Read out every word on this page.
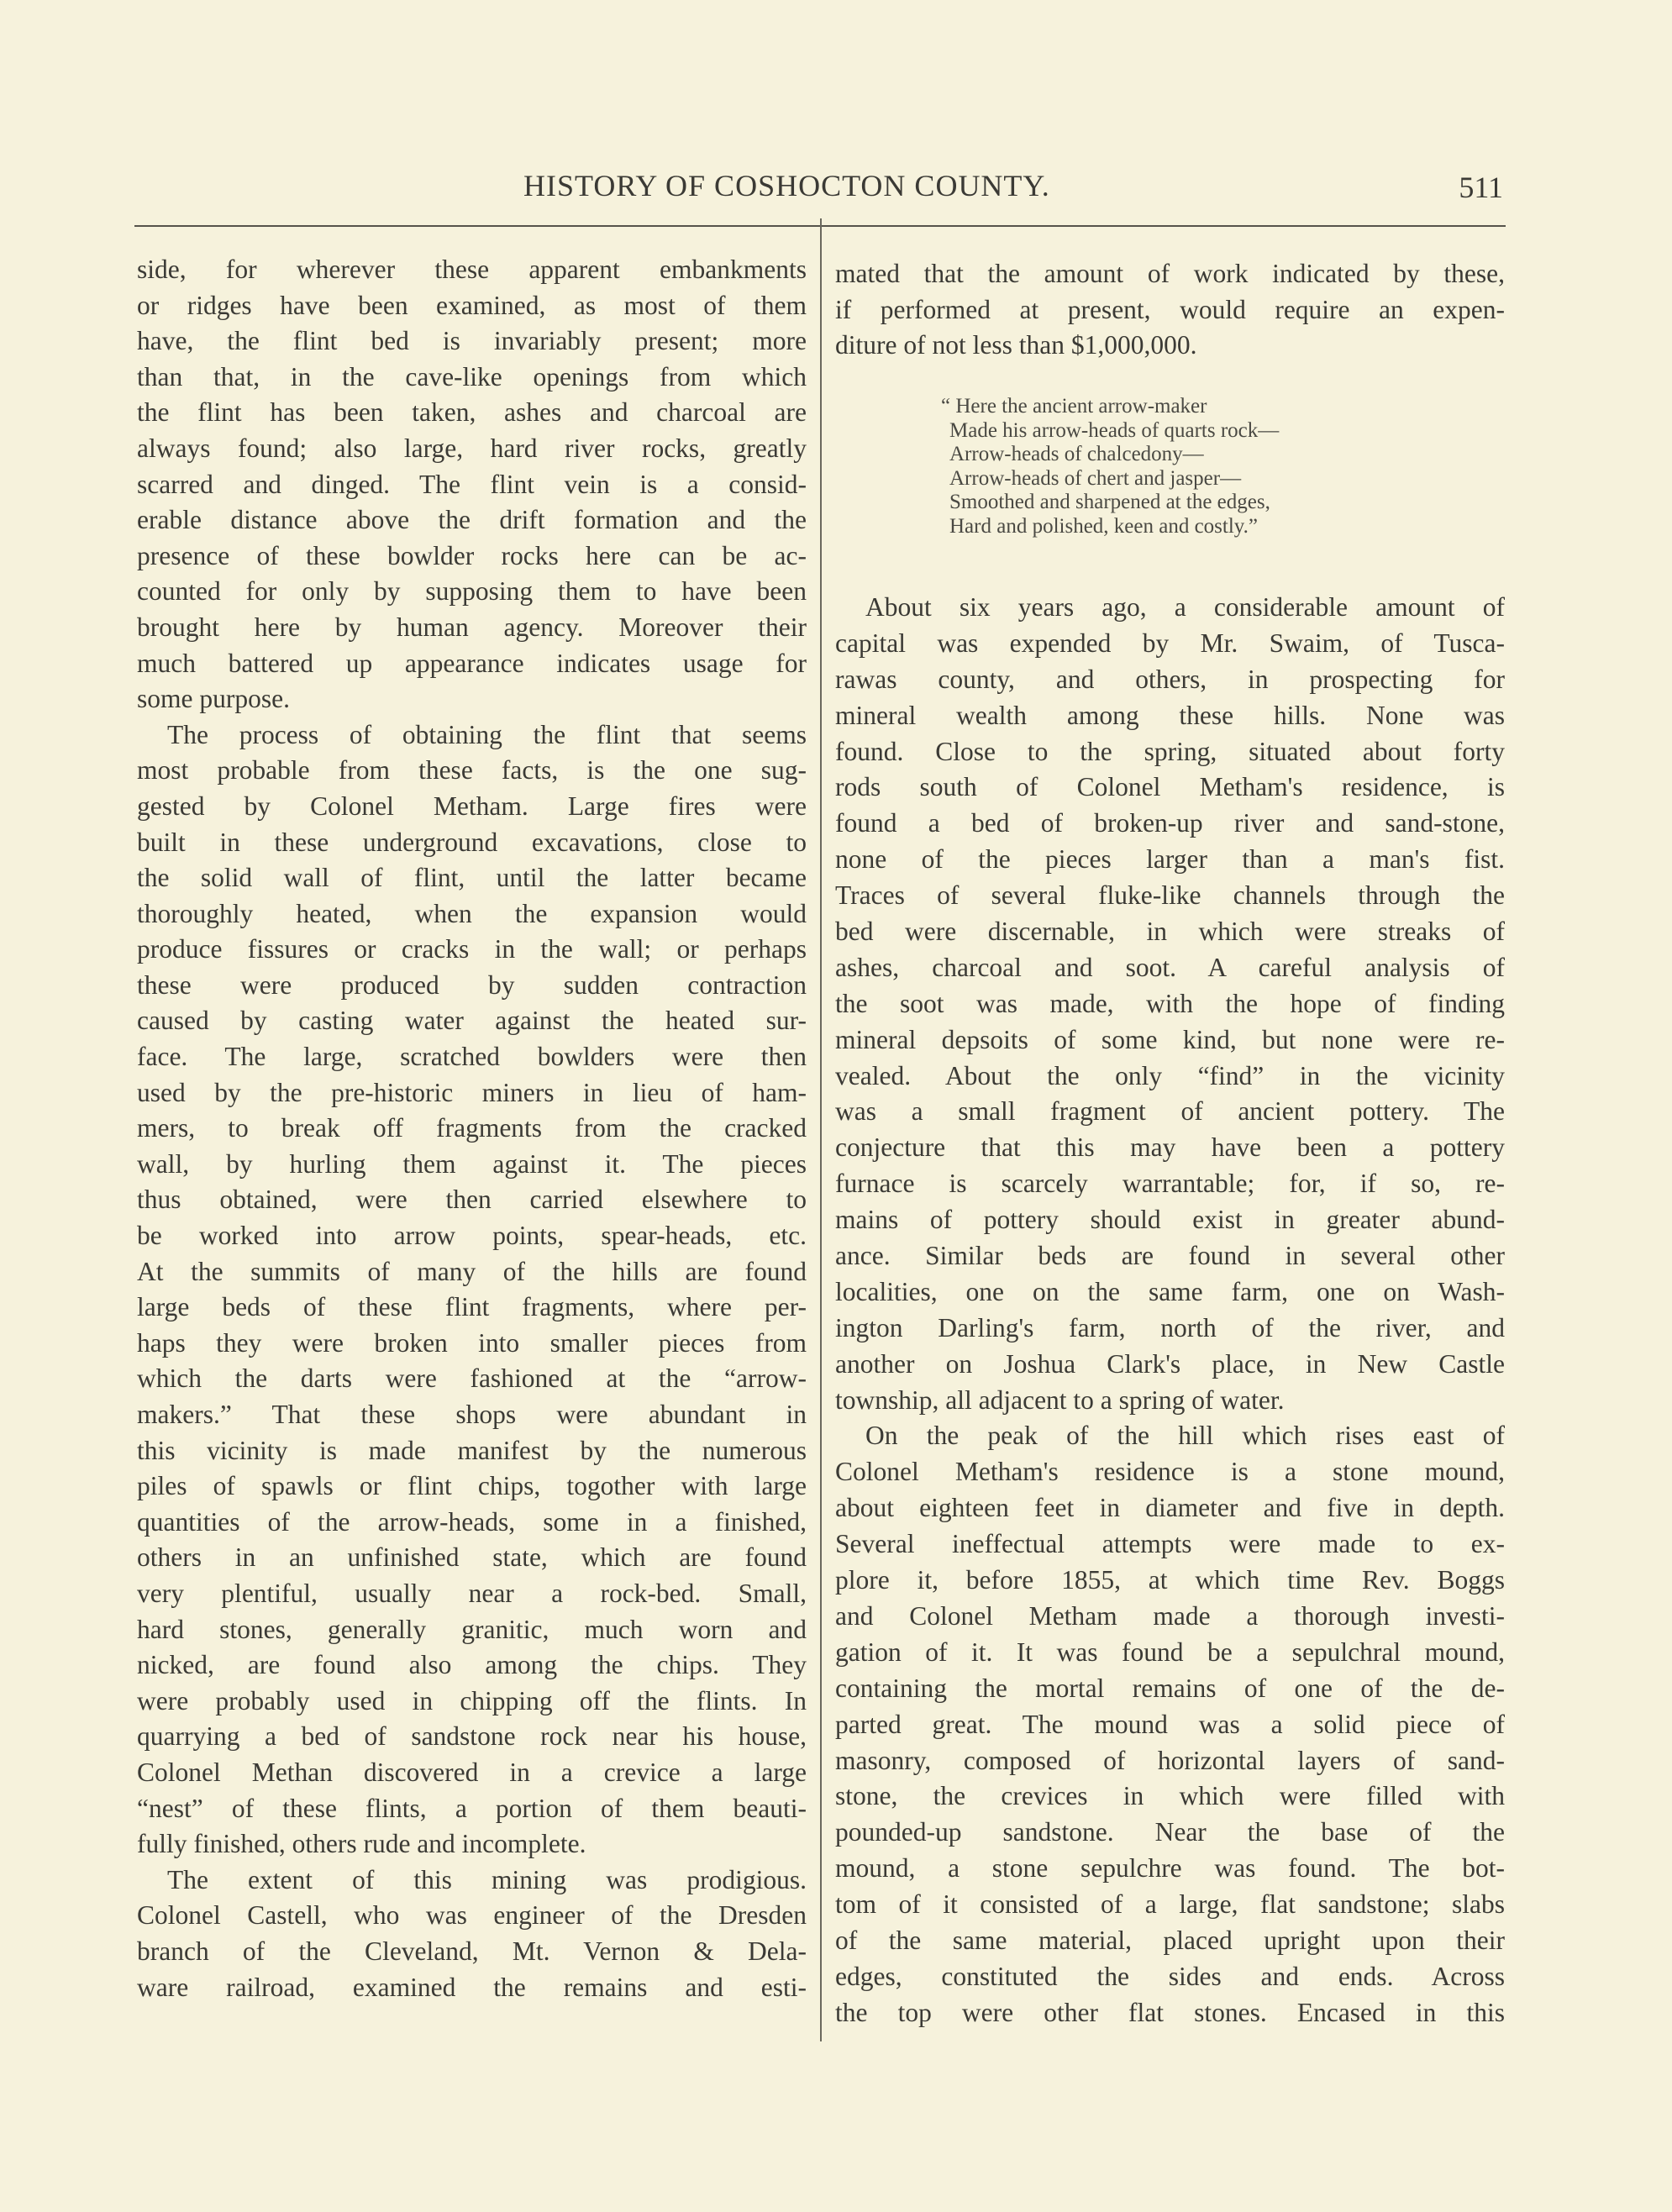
HISTORY OF COSHOCTON COUNTY.	511
side, for wherever these apparent embankments
or ridges have been examined, as most of them
have, the flint bed is invariably present; more
than that, in the cave-like openings from which
the flint has been taken, ashes and charcoal are
always found; also large, hard river rocks, greatly
scarred and dinged. The flint vein is a consid-
erable distance above the drift formation and the
presence of these bowlder rocks here can be ac-
counted for only by supposing them to have been
brought here by human agency. Moreover their
much battered up appearance indicates usage for
some purpose.
The process of obtaining the flint that seems
most probable from these facts, is the one sug-
gested by Colonel Metham. Large fires were
built in these underground excavations, close to
the solid wall of flint, until the latter became
thoroughly heated, when the expansion would
produce fissures or cracks in the wall; or perhaps
these were produced by sudden contraction
caused by casting water against the heated sur-
face. The large, scratched bowlders were then
used by the pre-historic miners in lieu of ham-
mers, to break off fragments from the cracked
wall, by hurling them against it. The pieces
thus obtained, were then carried elsewhere to
be worked into arrow points, spear-heads, etc.
At the summits of many of the hills are found
large beds of these flint fragments, where per-
haps they were broken into smaller pieces from
which the darts were fashioned at the “arrow-
makers.” That these shops were abundant in
this vicinity is made manifest by the numerous
piles of spawls or flint chips, togother with large
quantities of the arrow-heads, some in a finished,
others in an unfinished state, which are found
very plentiful, usually near a rock-bed. Small,
hard stones, generally granitic, much worn and
nicked, are found also among the chips. They
were probably used in chipping off the flints. In
quarrying a bed of sandstone rock near his house,
Colonel Methan discovered in a crevice a large
“nest” of these flints, a portion of them beauti-
fully finished, others rude and incomplete.
The extent of this mining was prodigious.
Colonel Castell, who was engineer of the Dresden
branch of the Cleveland, Mt. Vernon & Dela-
ware railroad, examined the remains and esti-
mated that the amount of work indicated by these,
if performed at present, would require an expen-
diture of not less than $1,000,000.
“ Here the ancient arrow-maker
Made his arrow-heads of quarts rock—
Arrow-heads of chalcedony—
Arrow-heads of chert and jasper—
Smoothed and sharpened at the edges,
Hard and polished, keen and costly.”
About six years ago, a considerable amount of
capital was expended by Mr. Swaim, of Tusca-
rawas county, and others, in prospecting for
mineral wealth among these hills. None was
found. Close to the spring, situated about forty
rods south of Colonel Metham's residence, is
found a bed of broken-up river and sand-stone,
none of the pieces larger than a man's fist.
Traces of several fluke-like channels through the
bed were discernable, in which were streaks of
ashes, charcoal and soot. A careful analysis of
the soot was made, with the hope of finding
mineral depsoits of some kind, but none were re-
vealed. About the only “find” in the vicinity
was a small fragment of ancient pottery. The
conjecture that this may have been a pottery
furnace is scarcely warrantable; for, if so, re-
mains of pottery should exist in greater abund-
ance. Similar beds are found in several other
localities, one on the same farm, one on Wash-
ington Darling's farm, north of the river, and
another on Joshua Clark's place, in New Castle
township, all adjacent to a spring of water.
On the peak of the hill which rises east of
Colonel Metham's residence is a stone mound,
about eighteen feet in diameter and five in depth.
Several ineffectual attempts were made to ex-
plore it, before 1855, at which time Rev. Boggs
and Colonel Metham made a thorough investi-
gation of it. It was found be a sepulchral mound,
containing the mortal remains of one of the de-
parted great. The mound was a solid piece of
masonry, composed of horizontal layers of sand-
stone, the crevices in which were filled with
pounded-up sandstone. Near the base of the
mound, a stone sepulchre was found. The bot-
tom of it consisted of a large, flat sandstone; slabs
of the same material, placed upright upon their
edges, constituted the sides and ends. Across
the top were other flat stones. Encased in this
